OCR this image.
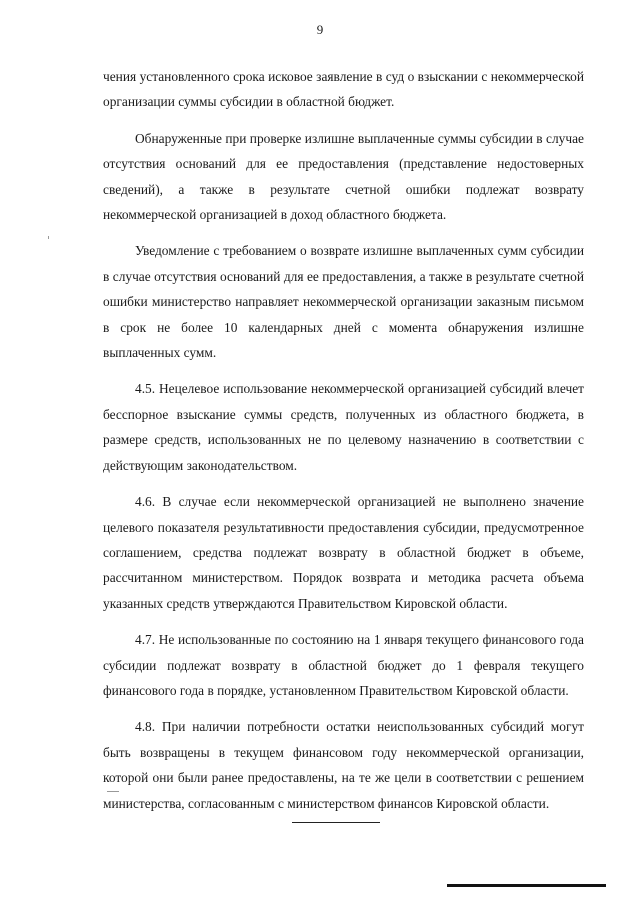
9

чения установленного срока исковое заявление в суд о взыскании с некоммерческой организации суммы субсидии в областной бюджет.

Обнаруженные при проверке излишне выплаченные суммы субсидии в случае отсутствия оснований для ее предоставления (представление недостоверных сведений), а также в результате счетной ошибки подлежат возврату некоммерческой организацией в доход областного бюджета.

Уведомление с требованием о возврате излишне выплаченных сумм субсидии в случае отсутствия оснований для ее предоставления, а также в результате счетной ошибки министерство направляет некоммерческой организации заказным письмом в срок не более 10 календарных дней с момента обнаружения излишне выплаченных сумм.

4.5. Нецелевое использование некоммерческой организацией субсидий влечет бесспорное взыскание суммы средств, полученных из областного бюджета, в размере средств, использованных не по целевому назначению в соответствии с действующим законодательством.

4.6. В случае если некоммерческой организацией не выполнено значение целевого показателя результативности предоставления субсидии, предусмотренное соглашением, средства подлежат возврату в областной бюджет в объеме, рассчитанном министерством. Порядок возврата и методика расчета объема указанных средств утверждаются Правительством Кировской области.

4.7. Не использованные по состоянию на 1 января текущего финансового года субсидии подлежат возврату в областной бюджет до 1 февраля текущего финансового года в порядке, установленном Правительством Кировской области.

4.8. При наличии потребности остатки неиспользованных субсидий могут быть возвращены в текущем финансовом году некоммерческой организации, которой они были ранее предоставлены, на те же цели в соответствии с решением министерства, согласованным с министерством финансов Кировской области.
